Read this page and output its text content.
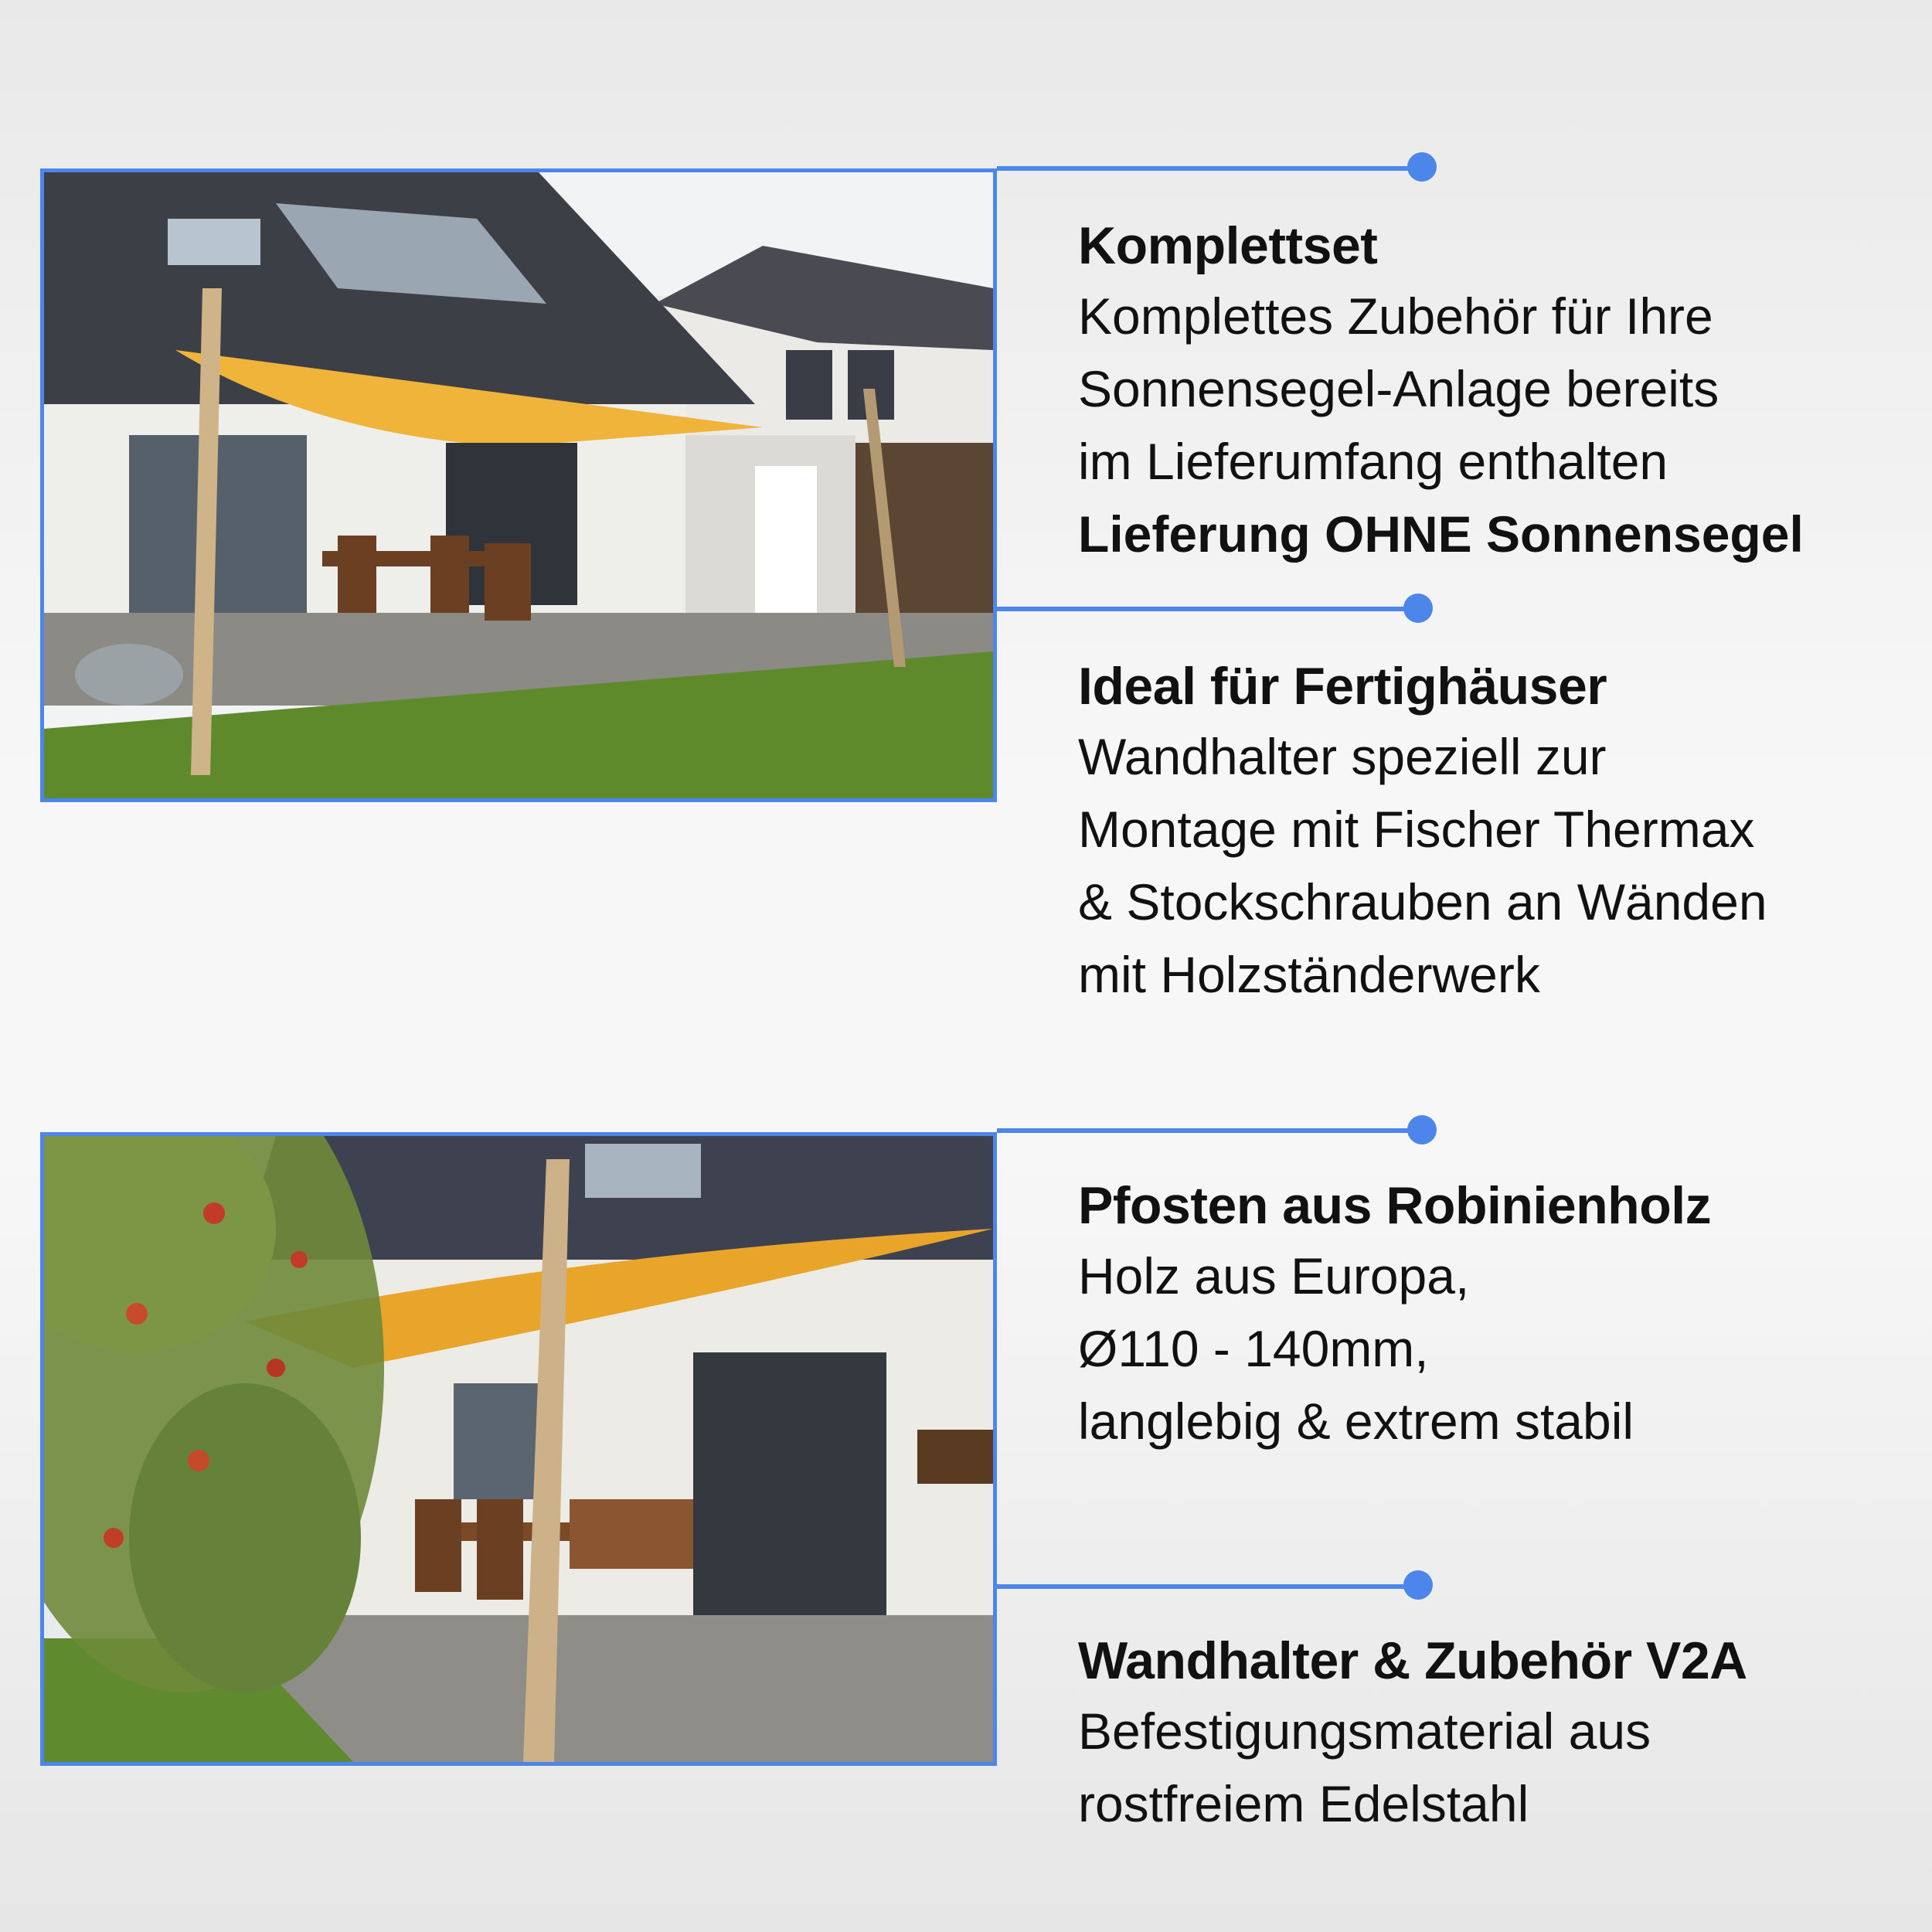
Komplettset

Komplettes Zubehör für Ihre
Sonnensegel-Anlage bereits
im Lieferumfang enthalten
Lieferung OHNE Sonnensegel

Ideal für Fertighäuser

Wandhalter speziell zur
Montage mit Fischer Thermax
& Stockschrauben an Wänden
mit Holzständerwerk

Pfosten aus Robinienholz

Holz aus Europa,
Ø110 - 140mm,
langlebig & extrem stabil

Wandhalter & Zubehör V2A

Befestigungsmaterial aus
rostfreiem Edelstahl
